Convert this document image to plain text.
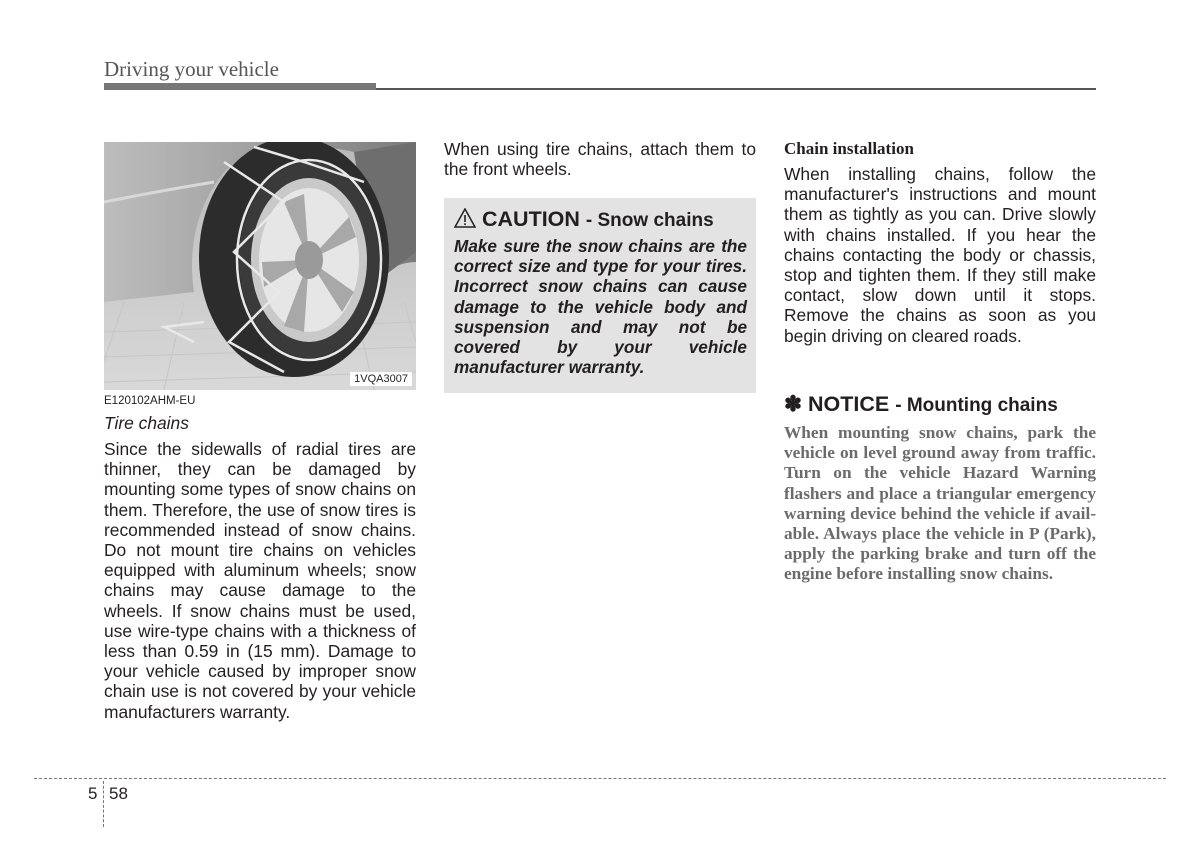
Driving your vehicle
1VQA3007
E120102AHM-EU
Tire chains
Since the sidewalls of radial tires are thinner, they can be damaged by mounting some types of snow chains on them. Therefore, the use of snow tires is recommended instead of snow chains. Do not mount tire chains on vehicles equipped with aluminum wheels; snow chains may cause damage to the wheels. If snow chains must be used, use wire-type chains with a thickness of less than 0.59 in (15 mm). Damage to your vehicle caused by improper snow chain use is not covered by your vehicle manufacturers warranty.
When using tire chains, attach them to the front wheels.
CAUTION - Snow chains
Make sure the snow chains are the correct size and type for your tires. Incorrect snow chains can cause damage to the vehicle body and suspension and may not be covered by your vehicle manufacturer warranty.
Chain installation
When installing chains, follow the manufacturer's instructions and mount them as tightly as you can. Drive slowly with chains installed. If you hear the chains contacting the body or chassis, stop and tighten them. If they still make contact, slow down until it stops. Remove the chains as soon as you begin driving on cleared roads.
✽ NOTICE - Mounting chains
When mounting snow chains, park the vehicle on level ground away from traffic. Turn on the vehicle Hazard Warning flashers and place a triangular emergency warning device behind the vehicle if avail-able. Always place the vehicle in P (Park), apply the parking brake and turn off the engine before installing snow chains.
5 58
